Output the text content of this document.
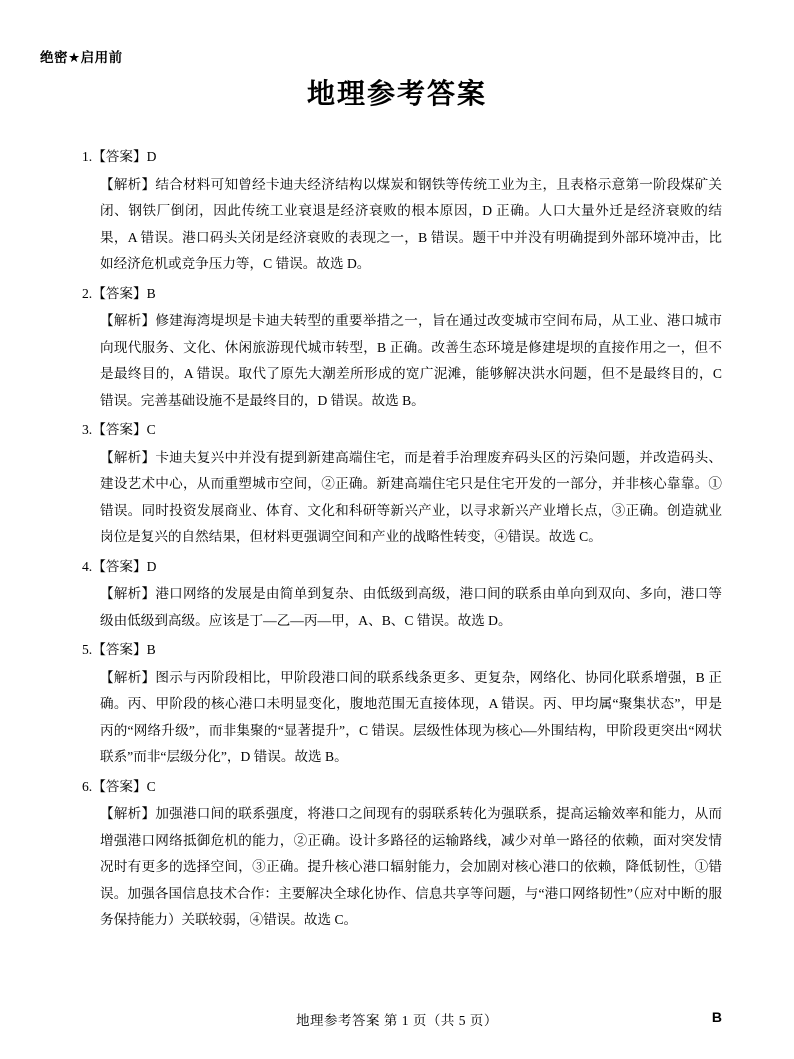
绝密★启用前
地理参考答案

1.【答案】D

【解析】结合材料可知曾经卡迪夫经济结构以煤炭和钢铁等传统工业为主，且表格示意第一阶段煤矿关闭、钢铁厂倒闭，因此传统工业衰退是经济衰败的根本原因，D 正确。人口大量外迁是经济衰败的结果，A 错误。港口码头关闭是经济衰败的表现之一，B 错误。题干中并没有明确提到外部环境冲击，比如经济危机或竞争压力等，C 错误。故选 D。

2.【答案】B

【解析】修建海湾堤坝是卡迪夫转型的重要举措之一，旨在通过改变城市空间布局，从工业、港口城市向现代服务、文化、休闲旅游现代城市转型，B 正确。改善生态环境是修建堤坝的直接作用之一，但不是最终目的，A 错误。取代了原先大潮差所形成的宽广泥滩，能够解决洪水问题，但不是最终目的，C 错误。完善基础设施不是最终目的，D 错误。故选 B。

3.【答案】C

【解析】卡迪夫复兴中并没有提到新建高端住宅，而是着手治理废弃码头区的污染问题，并改造码头、建设艺术中心，从而重塑城市空间，②正确。新建高端住宅只是住宅开发的一部分，并非核心靠靠。①错误。同时投资发展商业、体育、文化和科研等新兴产业，以寻求新兴产业增长点，③正确。创造就业岗位是复兴的自然结果，但材料更强调空间和产业的战略性转变，④错误。故选 C。

4.【答案】D

【解析】港口网络的发展是由简单到复杂、由低级到高级，港口间的联系由单向到双向、多向，港口等级由低级到高级。应该是丁—乙—丙—甲，A、B、C 错误。故选 D。

5.【答案】B

【解析】图示与丙阶段相比，甲阶段港口间的联系线条更多、更复杂，网络化、协同化联系增强，B 正确。丙、甲阶段的核心港口未明显变化，腹地范围无直接体现，A 错误。丙、甲均属“聚集状态”，甲是丙的“网络升级”，而非集聚的“显著提升”，C 错误。层级性体现为核心—外围结构，甲阶段更突出“网状联系”而非“层级分化”，D 错误。故选 B。

6.【答案】C

【解析】加强港口间的联系强度，将港口之间现有的弱联系转化为强联系，提高运输效率和能力，从而增强港口网络抵御危机的能力，②正确。设计多路径的运输路线，减少对单一路径的依赖，面对突发情况时有更多的选择空间，③正确。提升核心港口辐射能力，会加剧对核心港口的依赖，降低韧性，①错误。加强各国信息技术合作：主要解决全球化协作、信息共享等问题，与“港口网络韧性”（应对中断的服务保持能力）关联较弱，④错误。故选 C。

地理参考答案 第 1 页（共 5 页）	B
